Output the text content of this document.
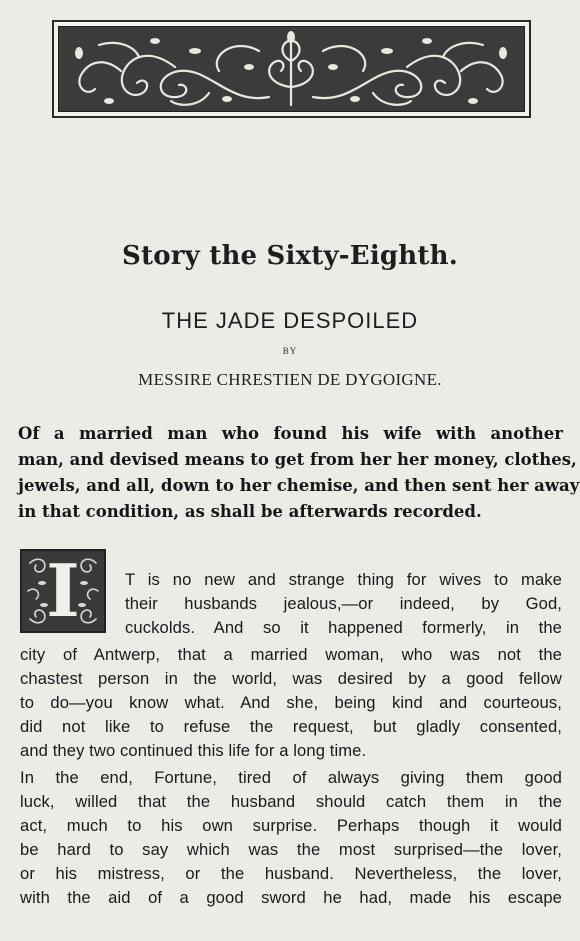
Story the Sixty-Eighth.
THE JADE DESPOILED
BY
MESSIRE CHRESTIEN DE DYGOIGNE.

Of a married man who found his wife with another
man, and devised means to get from her her money, clothes,
jewels, and all, down to her chemise, and then sent her away
in that condition, as shall be afterwards recorded.

I	T is no new and strange thing for wives to make
their husbands jealous,—or indeed, by God,
cuckolds. And so it happened formerly, in the
city of Antwerp, that a married woman, who was not the
chastest person in the world, was desired by a good fellow
to do—you know what. And she, being kind and courteous,
did not like to refuse the request, but gladly consented,
and they two continued this life for a long time.
In the end, Fortune, tired of always giving them good
luck, willed that the husband should catch them in the
act, much to his own surprise. Perhaps though it would
be hard to say which was the most surprised—the lover,
or his mistress, or the husband. Nevertheless, the lover,
with the aid of a good sword he had, made his escape
